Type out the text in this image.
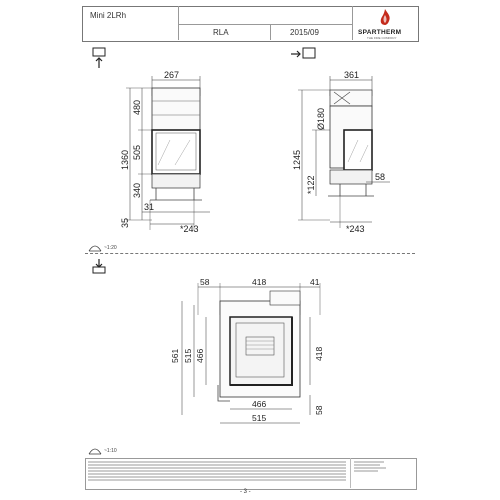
Mini 2LRh
RLA	2015/09	SPARTHERM
THE FIRE COMPANY
267
480
1360 505
340
35
31
*243
361
Ø180
1245
*122	58
*243
~1:20
58	418	41
561 515 466	418
466
515
58
~1:10
- 3 -
